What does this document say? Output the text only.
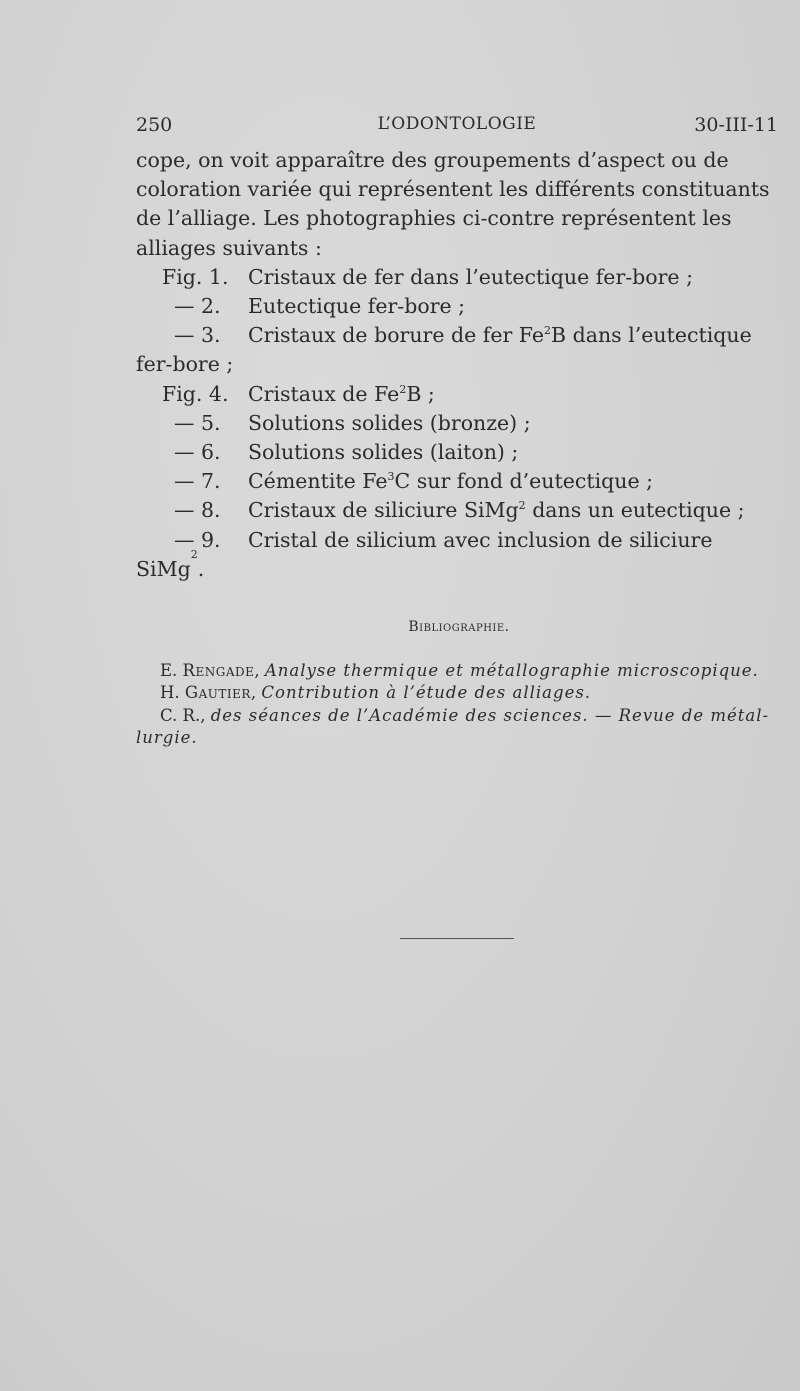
250	L’ODONTOLOGIE	30-III-11
cope, on voit apparaître des groupements d’aspect ou de
coloration variée qui représentent les différents constituants
de l’alliage. Les photographies ci-contre représentent les
alliages suivants :
Fig. 1. Cristaux de fer dans l’eutectique fer-bore ;
— 2.	Eutectique fer-bore ;
— 3.	Cristaux de borure de fer Fe$^2$B dans l’eutectique
fer-bore ;
Fig. 4. Cristaux de Fe$^2$B ;
— 5.	Solutions solides (bronze) ;
— 6.	Solutions solides (laiton) ;
— 7.	Cémentite Fe$^3$C sur fond d’eutectique ;
— 8.	Cristaux de siliciure SiMg$^2$ dans un eutectique ;
— 9.	Cristal de silicium avec inclusion de siliciure
SiMg
2
.
Bibliographie.
E. Rengade, Analyse thermique et métallographie microscopique.
H. Gautier, Contribution à l’étude des alliages.
C. R., des séances de l’Académie des sciences. — Revue de métal-
lurgie.
